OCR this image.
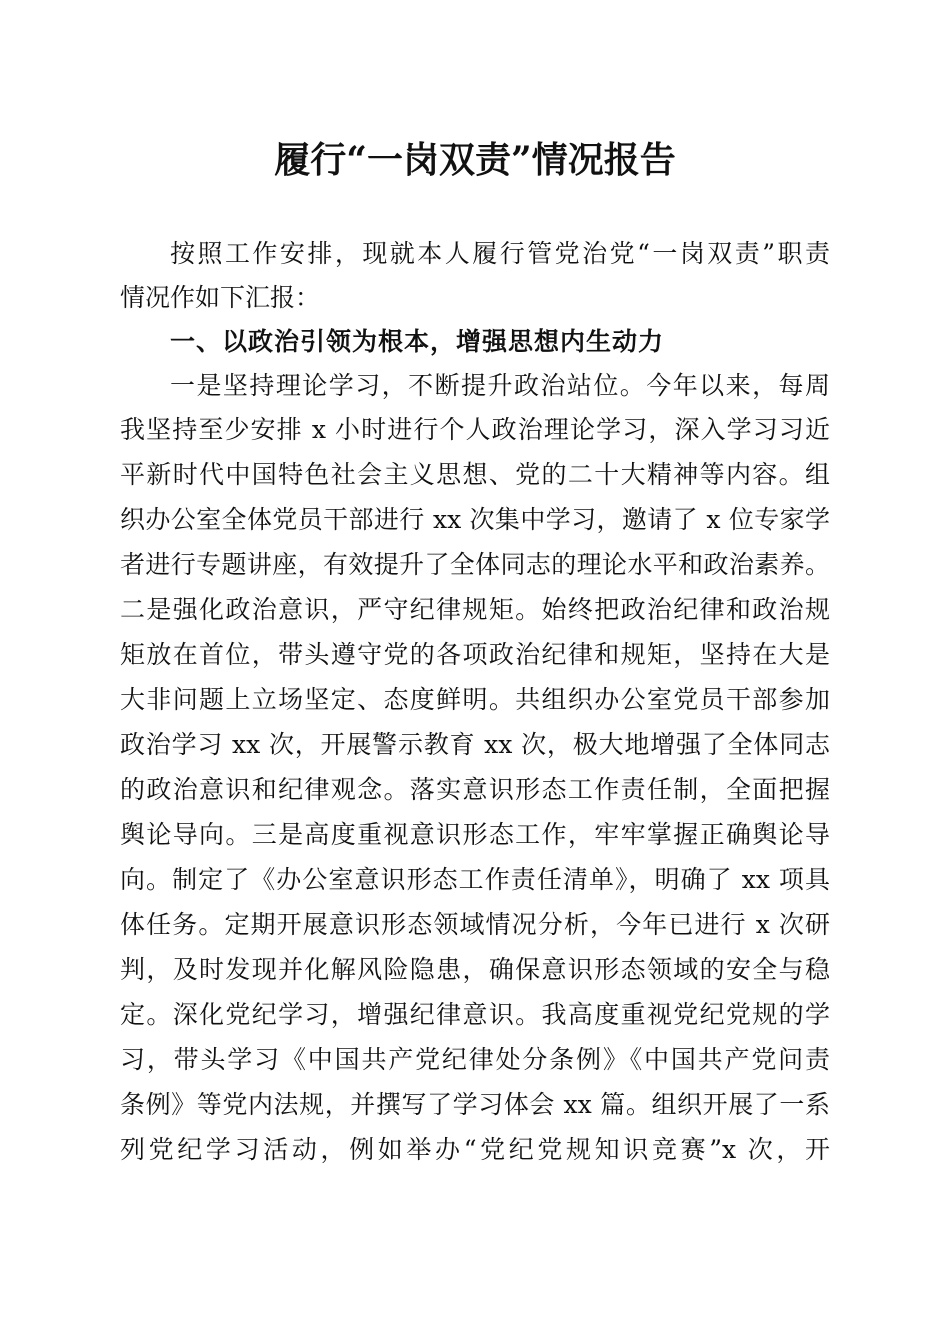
履行“一岗双责”情况报告
按照工作安排，现就本人履行管党治党“一岗双责”职责
情况作如下汇报：
一、以政治引领为根本，增强思想内生动力
一是坚持理论学习，不断提升政治站位。今年以来，每周
我坚持至少安排 x 小时进行个人政治理论学习，深入学习习近
平新时代中国特色社会主义思想、党的二十大精神等内容。组
织办公室全体党员干部进行 xx 次集中学习，邀请了 x 位专家学
者进行专题讲座，有效提升了全体同志的理论水平和政治素养。
二是强化政治意识，严守纪律规矩。始终把政治纪律和政治规
矩放在首位，带头遵守党的各项政治纪律和规矩，坚持在大是
大非问题上立场坚定、态度鲜明。共组织办公室党员干部参加
政治学习 xx 次，开展警示教育 xx 次，极大地增强了全体同志
的政治意识和纪律观念。落实意识形态工作责任制，全面把握
舆论导向。三是高度重视意识形态工作，牢牢掌握正确舆论导
向。制定了《办公室意识形态工作责任清单》，明确了 xx 项具
体任务。定期开展意识形态领域情况分析，今年已进行 x 次研
判，及时发现并化解风险隐患，确保意识形态领域的安全与稳
定。深化党纪学习，增强纪律意识。我高度重视党纪党规的学
习，带头学习《中国共产党纪律处分条例》《中国共产党问责
条例》等党内法规，并撰写了学习体会 xx 篇。组织开展了一系
列党纪学习活动，例如举办“党纪党规知识竞赛”x 次，开
